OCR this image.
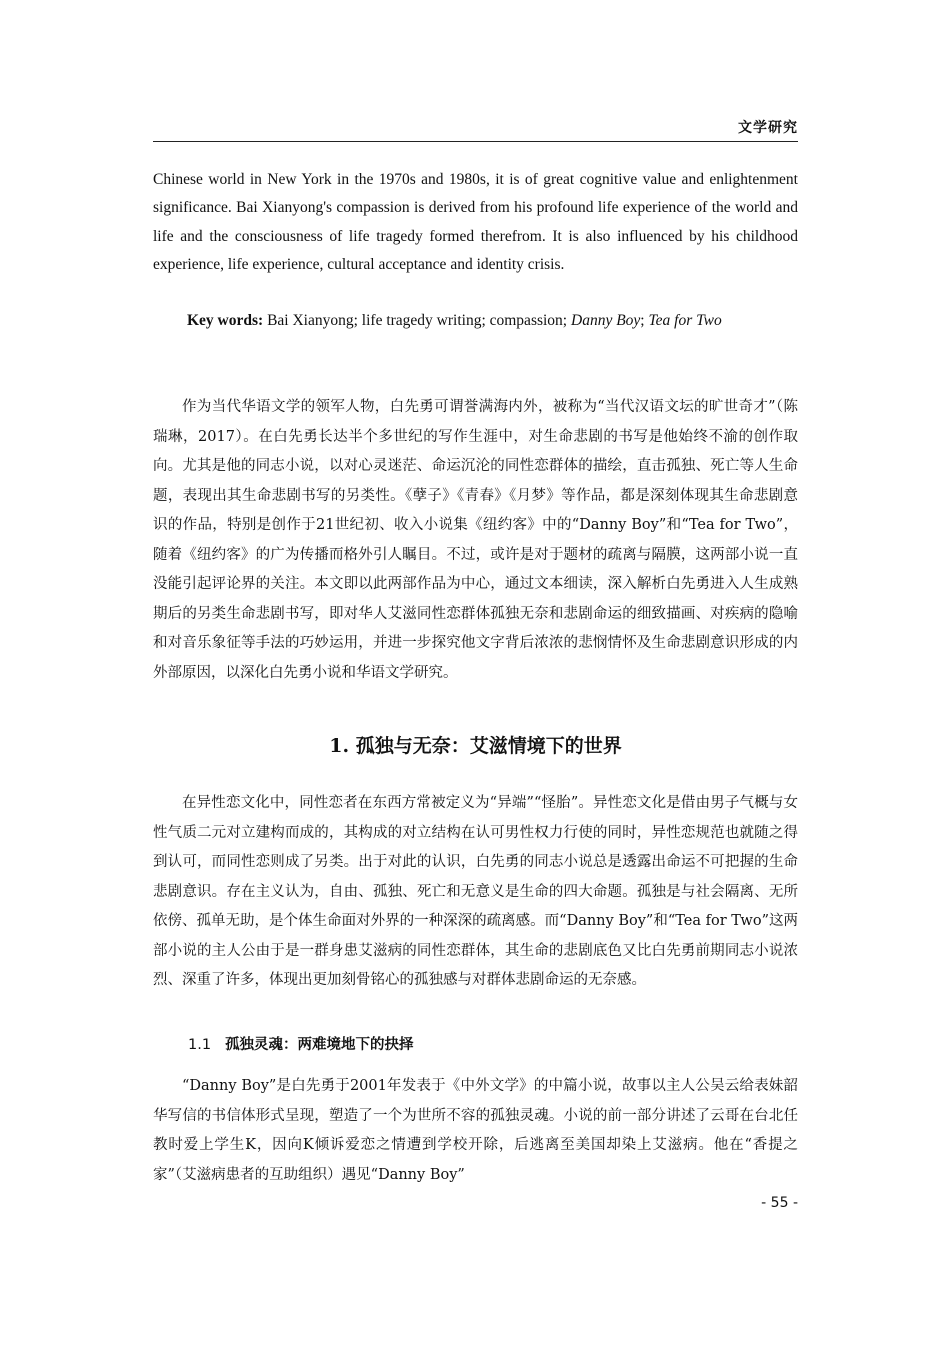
文学研究

Chinese world in New York in the 1970s and 1980s, it is of great cognitive value and enlightenment significance. Bai Xianyong's compassion is derived from his profound life experience of the world and life and the consciousness of life tragedy formed therefrom. It is also influenced by his childhood experience, life experience, cultural acceptance and identity crisis.

Key words: Bai Xianyong; life tragedy writing; compassion; Danny Boy; Tea for Two

作为当代华语文学的领军人物，白先勇可谓誉满海内外，被称为“当代汉语文坛的旷世奇才”（陈瑞琳，2017）。在白先勇长达半个多世纪的写作生涯中，对生命悲剧的书写是他始终不渝的创作取向。尤其是他的同志小说，以对心灵迷茫、命运沉沦的同性恋群体的描绘，直击孤独、死亡等人生命题，表现出其生命悲剧书写的另类性。《孽子》《青春》《月梦》等作品，都是深刻体现其生命悲剧意识的作品，特别是创作于21世纪初、收入小说集《纽约客》中的“Danny Boy”和“Tea for Two”，随着《纽约客》的广为传播而格外引人瞩目。不过，或许是对于题材的疏离与隔膜，这两部小说一直没能引起评论界的关注。本文即以此两部作品为中心，通过文本细读，深入解析白先勇进入人生成熟期后的另类生命悲剧书写，即对华人艾滋同性恋群体孤独无奈和悲剧命运的细致描画、对疾病的隐喻和对音乐象征等手法的巧妙运用，并进一步探究他文字背后浓浓的悲悯情怀及生命悲剧意识形成的内外部原因，以深化白先勇小说和华语文学研究。

1. 孤独与无奈：艾滋情境下的世界

在异性恋文化中，同性恋者在东西方常被定义为“异端”“怪胎”。异性恋文化是借由男子气概与女性气质二元对立建构而成的，其构成的对立结构在认可男性权力行使的同时，异性恋规范也就随之得到认可，而同性恋则成了另类。出于对此的认识，白先勇的同志小说总是透露出命运不可把握的生命悲剧意识。存在主义认为，自由、孤独、死亡和无意义是生命的四大命题。孤独是与社会隔离、无所依傍、孤单无助，是个体生命面对外界的一种深深的疏离感。而“Danny Boy”和“Tea for Two”这两部小说的主人公由于是一群身患艾滋病的同性恋群体，其生命的悲剧底色又比白先勇前期同志小说浓烈、深重了许多，体现出更加刻骨铭心的孤独感与对群体悲剧命运的无奈感。

1.1 孤独灵魂：两难境地下的抉择

“Danny Boy”是白先勇于2001年发表于《中外文学》的中篇小说，故事以主人公吴云给表妹韶华写信的书信体形式呈现，塑造了一个为世所不容的孤独灵魂。小说的前一部分讲述了云哥在台北任教时爱上学生K，因向K倾诉爱恋之情遭到学校开除，后逃离至美国却染上艾滋病。他在“香提之家”（艾滋病患者的互助组织）遇见“Danny Boy”

- 55 -
